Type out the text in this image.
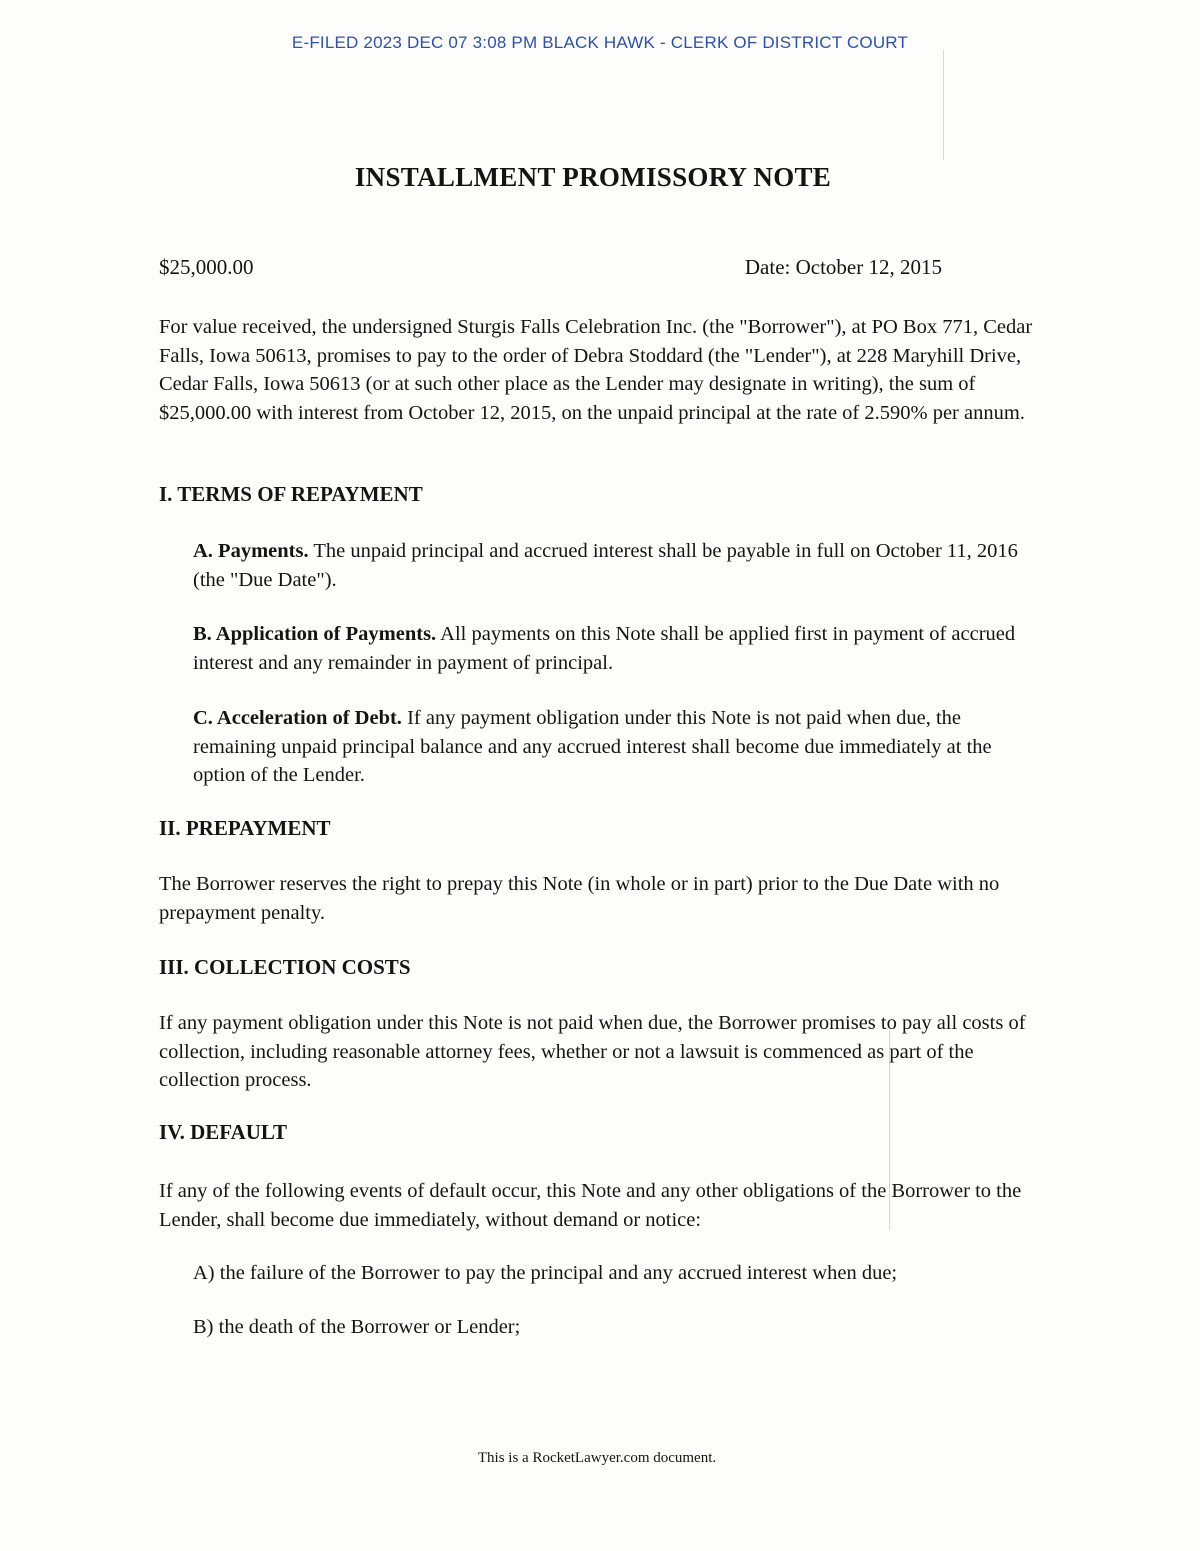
E-FILED 2023 DEC 07 3:08 PM BLACK HAWK - CLERK OF DISTRICT COURT
INSTALLMENT PROMISSORY NOTE
$25,000.00	Date: October 12, 2015
For value received, the undersigned Sturgis Falls Celebration Inc. (the "Borrower"), at PO Box 771, Cedar Falls, Iowa 50613, promises to pay to the order of Debra Stoddard (the "Lender"), at 228 Maryhill Drive, Cedar Falls, Iowa 50613 (or at such other place as the Lender may designate in writing), the sum of $25,000.00 with interest from October 12, 2015, on the unpaid principal at the rate of 2.590% per annum.
I. TERMS OF REPAYMENT
A. Payments. The unpaid principal and accrued interest shall be payable in full on October 11, 2016 (the "Due Date").
B. Application of Payments. All payments on this Note shall be applied first in payment of accrued interest and any remainder in payment of principal.
C. Acceleration of Debt. If any payment obligation under this Note is not paid when due, the remaining unpaid principal balance and any accrued interest shall become due immediately at the option of the Lender.
II. PREPAYMENT
The Borrower reserves the right to prepay this Note (in whole or in part) prior to the Due Date with no prepayment penalty.
III. COLLECTION COSTS
If any payment obligation under this Note is not paid when due, the Borrower promises to pay all costs of collection, including reasonable attorney fees, whether or not a lawsuit is commenced as part of the collection process.
IV. DEFAULT
If any of the following events of default occur, this Note and any other obligations of the Borrower to the Lender, shall become due immediately, without demand or notice:
A) the failure of the Borrower to pay the principal and any accrued interest when due;
B) the death of the Borrower or Lender;
This is a RocketLawyer.com document.
